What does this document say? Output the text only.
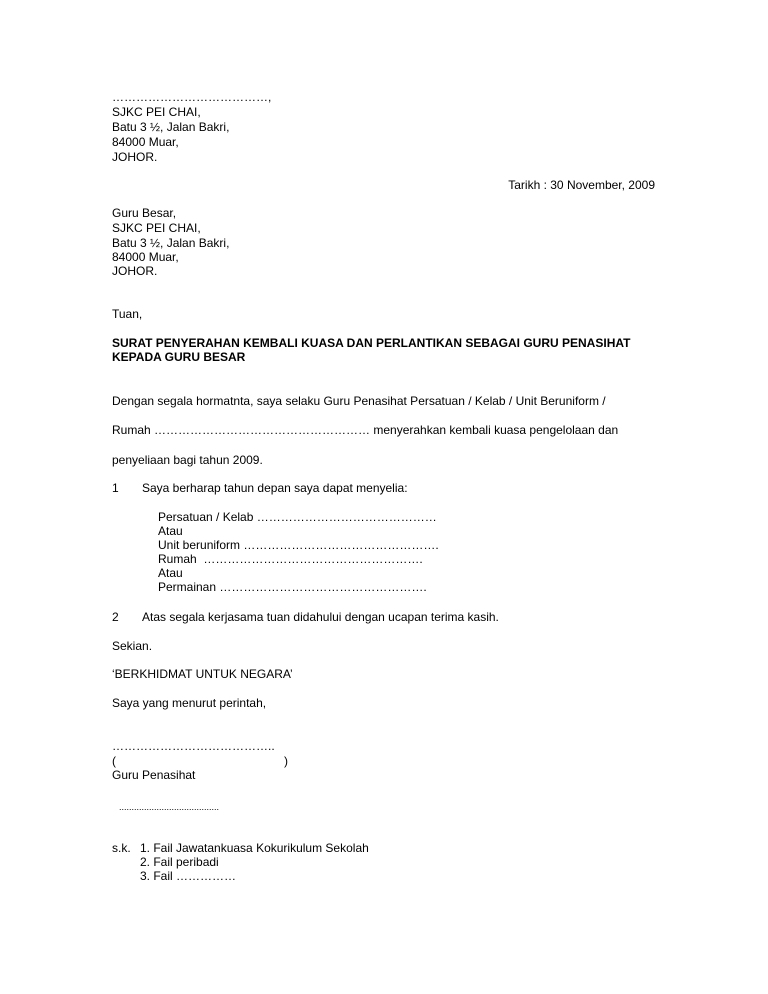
…………………………………,
SJKC PEI CHAI,
Batu 3 ½, Jalan Bakri,
84000 Muar,
JOHOR.
Tarikh : 30 November, 2009
Guru Besar,
SJKC PEI CHAI,
Batu 3 ½, Jalan Bakri,
84000 Muar,
JOHOR.
Tuan,
SURAT PENYERAHAN KEMBALI KUASA DAN PERLANTIKAN SEBAGAI GURU PENASIHAT
KEPADA GURU BESAR
Dengan segala hormatnta, saya selaku Guru Penasihat Persatuan / Kelab / Unit Beruniform /
Rumah ……………………………………………… menyerahkan kembali kuasa pengelolaan dan
penyeliaan bagi tahun 2009.
1 Saya berharap tahun depan saya dapat menyelia:
Persatuan / Kelab ………………………………………
Atau
Unit beruniform ………………………………………….
Rumah  ……………………………………………….
Atau
Permainan …………………………………………….
2 Atas segala kerjasama tuan didahului dengan ucapan terima kasih.
Sekian.
‘BERKHIDMAT UNTUK NEGARA’
Saya yang menurut perintah,
…………………………………..
(	)
Guru Penasihat
........................................
s.k. 1. Fail Jawatankuasa Kokurikulum Sekolah
2. Fail peribadi
3. Fail ……………
